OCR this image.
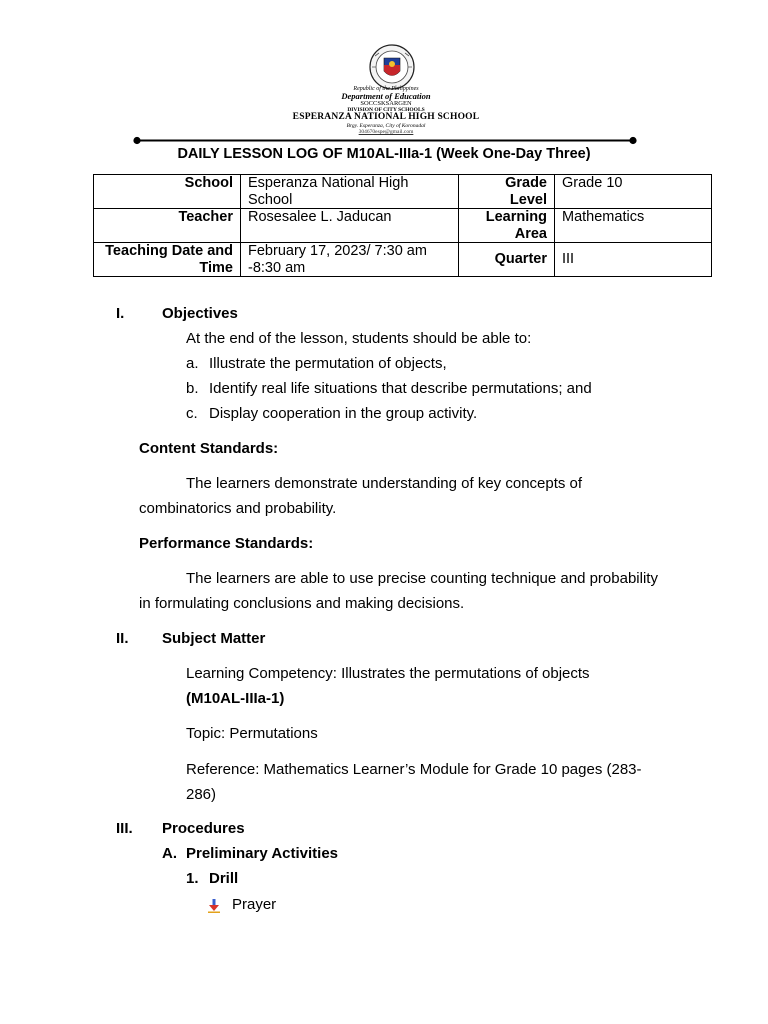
Republic of the Philippines
Department of Education
SOCCSKSARGEN
DIVISION OF CITY SCHOOLS
ESPERANZA NATIONAL HIGH SCHOOL
Brgy. Esperanza, City of Koronadal
304670espe@gmail.com
DAILY LESSON LOG OF M10AL-IIIa-1 (Week One-Day Three)
School	Esperanza National High School	Grade Level	Grade 10
Teacher	Rosesalee L. Jaducan	Learning Area	Mathematics
Teaching Date and Time	February 17, 2023/ 7:30 am -8:30 am	Quarter	III
I.	Objectives
At the end of the lesson, students should be able to:
a. Illustrate the permutation of objects,
b. Identify real life situations that describe permutations; and
c. Display cooperation in the group activity.
Content Standards:
The learners demonstrate understanding of key concepts of
combinatorics and probability.
Performance Standards:
The learners are able to use precise counting technique and probability
in formulating conclusions and making decisions.
II. Subject Matter
Learning Competency: Illustrates the permutations of objects
(M10AL-IIIa-1)
Topic: Permutations
Reference: Mathematics Learner’s Module for Grade 10 pages (283-
286)
III. Procedures
A. Preliminary Activities
1. Drill
Prayer
